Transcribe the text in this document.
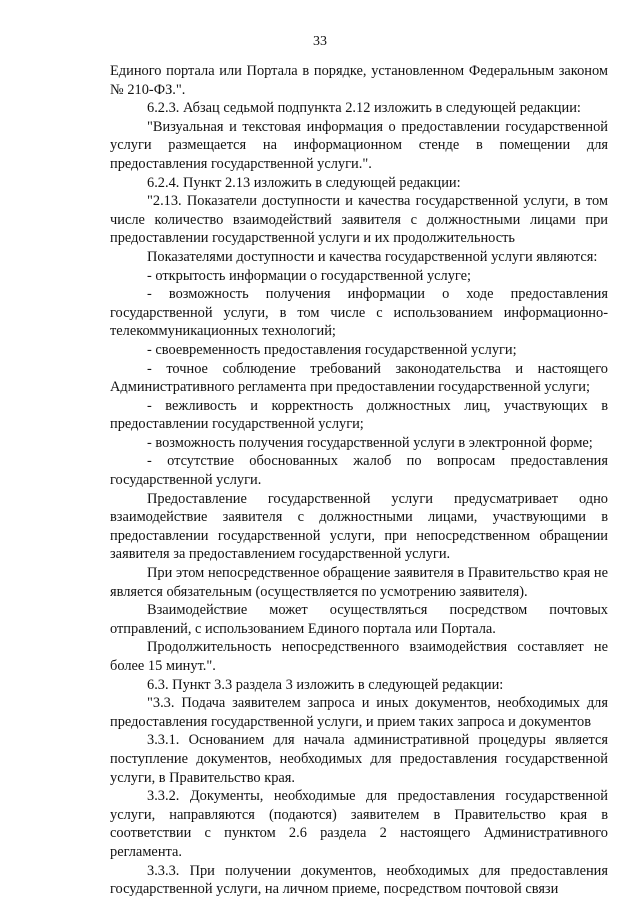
33

Единого портала или Портала в порядке, установленном Федеральным законом № 210-ФЗ.".

6.2.3. Абзац седьмой подпункта 2.12 изложить в следующей редакции:

"Визуальная и текстовая информация о предоставлении государственной услуги размещается на информационном стенде в помещении для предоставления государственной услуги.".

6.2.4. Пункт 2.13 изложить в следующей редакции:

"2.13. Показатели доступности и качества государственной услуги, в том числе количество взаимодействий заявителя с должностными лицами при предоставлении государственной услуги и их продолжительность

Показателями доступности и качества государственной услуги являются:

- открытость информации о государственной услуге;

- возможность получения информации о ходе предоставления государственной услуги, в том числе с использованием информационно-телекоммуникационных технологий;

- своевременность предоставления государственной услуги;

- точное соблюдение требований законодательства и настоящего Административного регламента при предоставлении государственной услуги;

- вежливость и корректность должностных лиц, участвующих в предоставлении государственной услуги;

- возможность получения государственной услуги в электронной форме;

- отсутствие обоснованных жалоб по вопросам предоставления государственной услуги.

Предоставление государственной услуги предусматривает одно взаимодействие заявителя с должностными лицами, участвующими в предоставлении государственной услуги, при непосредственном обращении заявителя за предоставлением государственной услуги.

При этом непосредственное обращение заявителя в Правительство края не является обязательным (осуществляется по усмотрению заявителя).

Взаимодействие может осуществляться посредством почтовых отправлений, с использованием Единого портала или Портала.

Продолжительность непосредственного взаимодействия составляет не более 15 минут.".

6.3. Пункт 3.3 раздела 3 изложить в следующей редакции:

"3.3. Подача заявителем запроса и иных документов, необходимых для предоставления государственной услуги, и прием таких запроса и документов

3.3.1. Основанием для начала административной процедуры является поступление документов, необходимых для предоставления государственной услуги, в Правительство края.

3.3.2. Документы, необходимые для предоставления государственной услуги, направляются (подаются) заявителем в Правительство края в соответствии с пунктом 2.6 раздела 2 настоящего Административного регламента.

3.3.3. При получении документов, необходимых для предоставления государственной услуги, на личном приеме, посредством почтовой связи
